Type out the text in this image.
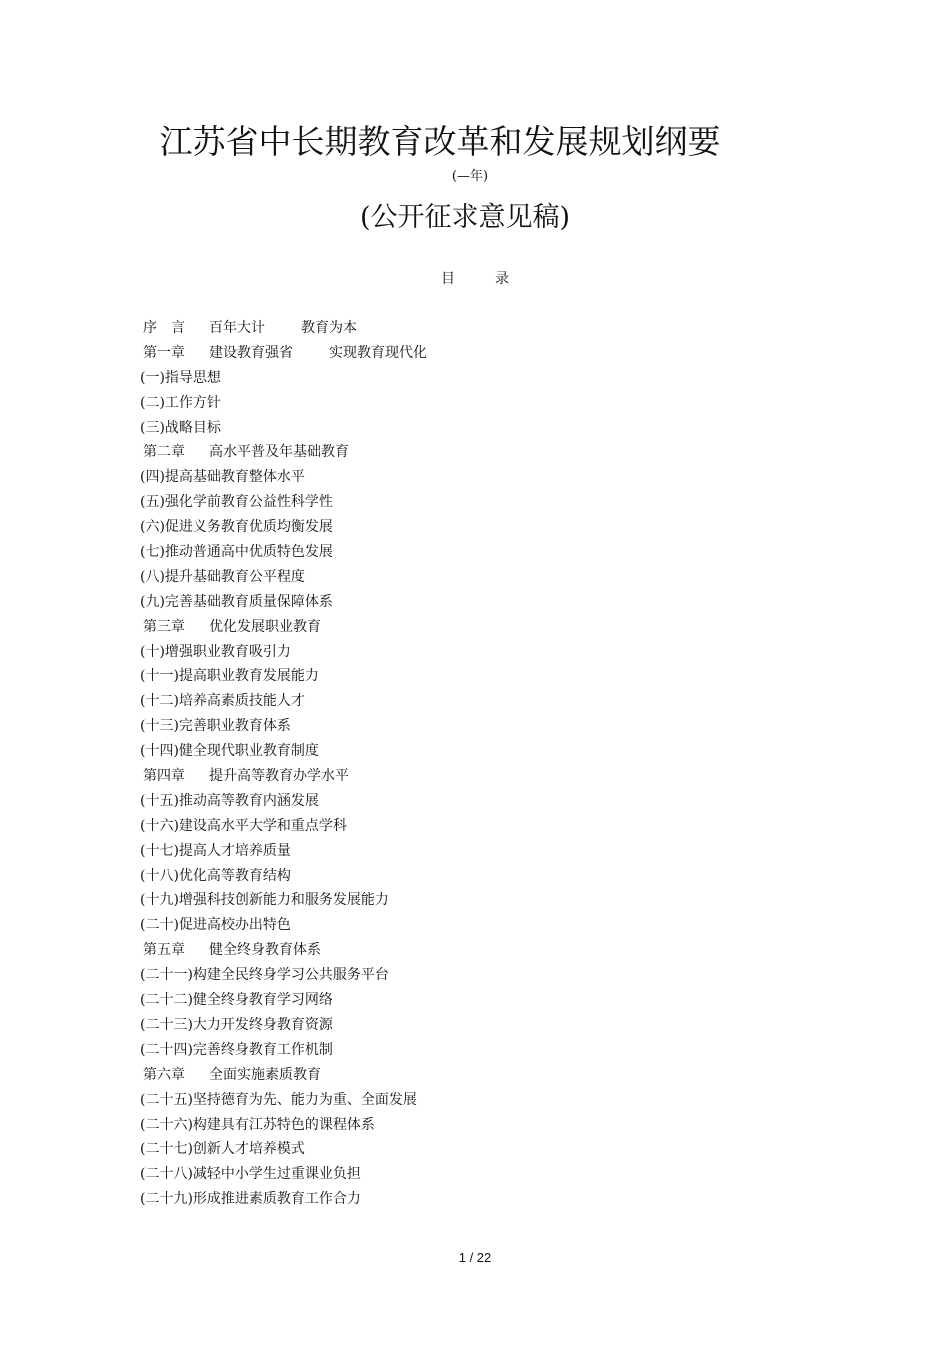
江苏省中长期教育改革和发展规划纲要
(—年)
(公开征求意见稿)
目	录
序　言 百年大计	教育为本
第一章 建设教育强省	实现教育现代化
(一)指导思想
(二)工作方针
(三)战略目标
第二章 高水平普及年基础教育
(四)提高基础教育整体水平
(五)强化学前教育公益性科学性
(六)促进义务教育优质均衡发展
(七)推动普通高中优质特色发展
(八)提升基础教育公平程度
(九)完善基础教育质量保障体系
第三章 优化发展职业教育
(十)增强职业教育吸引力
(十一)提高职业教育发展能力
(十二)培养高素质技能人才
(十三)完善职业教育体系
(十四)健全现代职业教育制度
第四章 提升高等教育办学水平
(十五)推动高等教育内涵发展
(十六)建设高水平大学和重点学科
(十七)提高人才培养质量
(十八)优化高等教育结构
(十九)增强科技创新能力和服务发展能力
(二十)促进高校办出特色
第五章 健全终身教育体系
(二十一)构建全民终身学习公共服务平台
(二十二)健全终身教育学习网络
(二十三)大力开发终身教育资源
(二十四)完善终身教育工作机制
第六章 全面实施素质教育
(二十五)坚持德育为先、能力为重、全面发展
(二十六)构建具有江苏特色的课程体系
(二十七)创新人才培养模式
(二十八)减轻中小学生过重课业负担
(二十九)形成推进素质教育工作合力
1 / 22
